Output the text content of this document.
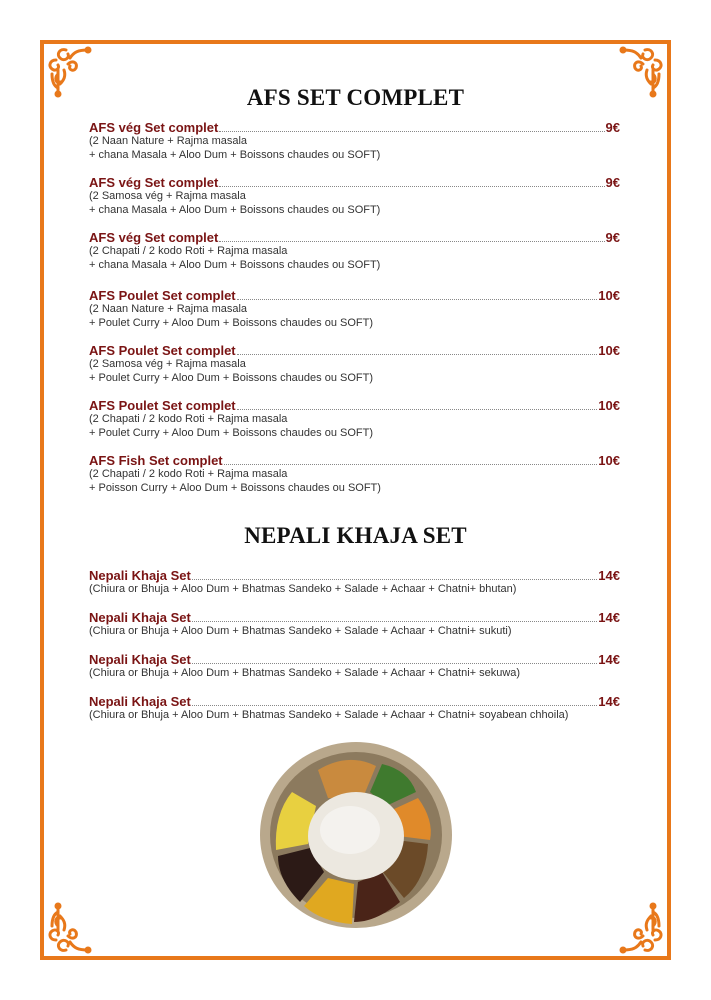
AFS SET COMPLET
AFS vég Set complet	9€
(2 Naan Nature + Rajma masala
+ chana Masala + Aloo Dum + Boissons chaudes ou SOFT)
AFS vég Set complet	9€
(2 Samosa vég + Rajma masala
+ chana Masala + Aloo Dum + Boissons chaudes ou SOFT)
AFS vég Set complet	9€
(2 Chapati / 2 kodo Roti + Rajma masala
+ chana Masala + Aloo Dum + Boissons chaudes ou SOFT)
AFS Poulet Set complet	10€
(2 Naan Nature + Rajma masala
+ Poulet Curry + Aloo Dum + Boissons chaudes ou SOFT)
AFS Poulet Set complet	10€
(2 Samosa vég + Rajma masala
+ Poulet Curry + Aloo Dum + Boissons chaudes ou SOFT)
AFS Poulet Set complet	10€
(2 Chapati / 2 kodo Roti + Rajma masala
+ Poulet Curry + Aloo Dum + Boissons chaudes ou SOFT)
AFS Fish Set complet	10€
(2 Chapati / 2 kodo Roti + Rajma masala
+ Poisson Curry + Aloo Dum + Boissons chaudes ou SOFT)
NEPALI KHAJA SET
Nepali Khaja Set	14€
(Chiura or Bhuja + Aloo Dum + Bhatmas Sandeko + Salade + Achaar + Chatni+ bhutan)
Nepali Khaja Set	14€
(Chiura or Bhuja + Aloo Dum + Bhatmas Sandeko + Salade + Achaar + Chatni+ sukuti)
Nepali Khaja Set	14€
(Chiura or Bhuja + Aloo Dum + Bhatmas Sandeko + Salade + Achaar + Chatni+ sekuwa)
Nepali Khaja Set	14€
(Chiura or Bhuja + Aloo Dum + Bhatmas Sandeko + Salade + Achaar + Chatni+ soyabean chhoila)
